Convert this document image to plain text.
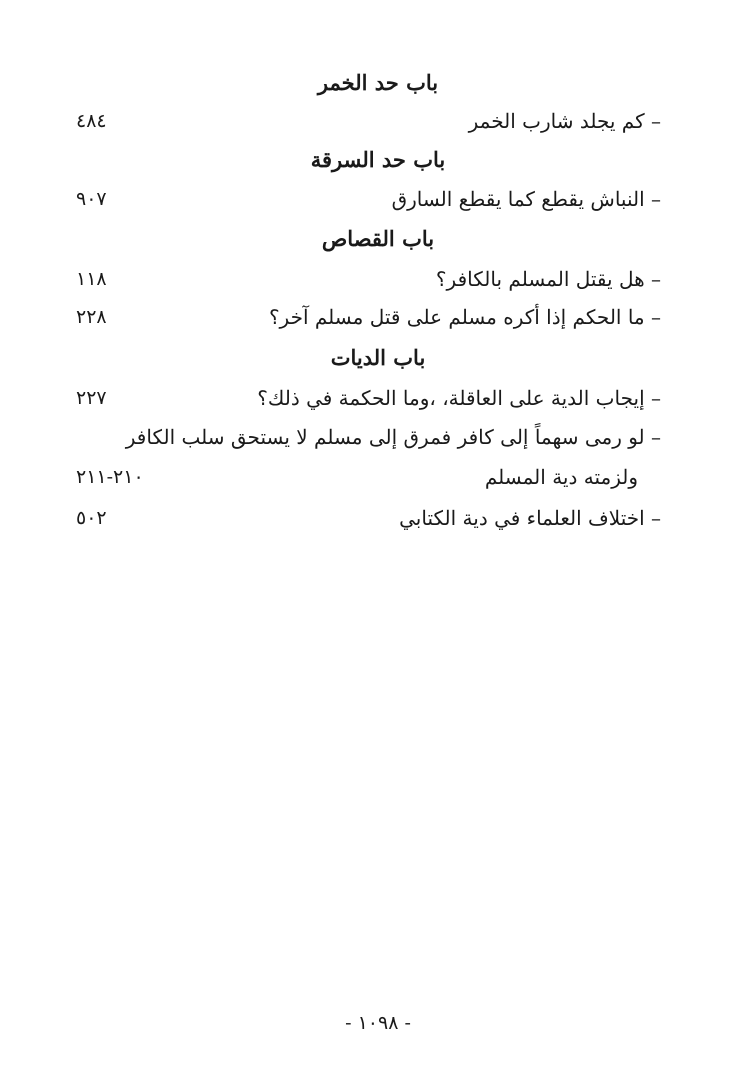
باب حد الخمر
– كم يجلد شارب الخمر
٤٨٤
باب حد السرقة
– النباش يقطع كما يقطع السارق
٩٠٧
باب القصاص
– هل يقتل المسلم بالكافر؟
١١٨
– ما الحكم إذا أكره مسلم على قتل مسلم آخر؟
٢٢٨
باب الديات
– إيجاب الدية على العاقلة، ،وما الحكمة في ذلك؟
٢٢٧
– لو رمى سهماً إلى كافر فمرق إلى مسلم لا يستحق سلب الكافر
ولزمته دية المسلم
٢١٠-٢١١
– اختلاف العلماء في دية الكتابي
٥٠٢
- ١٠٩٨ -
